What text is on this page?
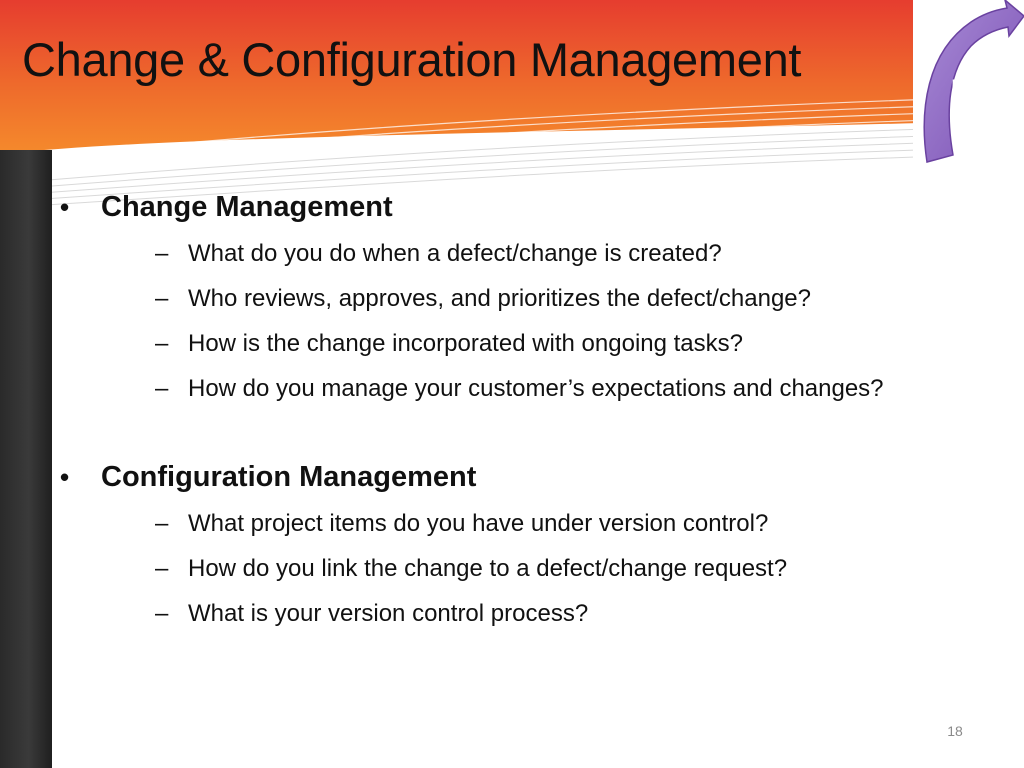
Change & Configuration Management	Process
• Change Management
– What do you do when a defect/change is created?
– Who reviews, approves, and prioritizes the defect/change?
– How is the change incorporated with ongoing tasks?
– How do you manage your customer’s expectations and changes?
• Configuration Management
– What project items do you have under version control?
– How do you link the change to a defect/change request?
– What is your version control process?
18
